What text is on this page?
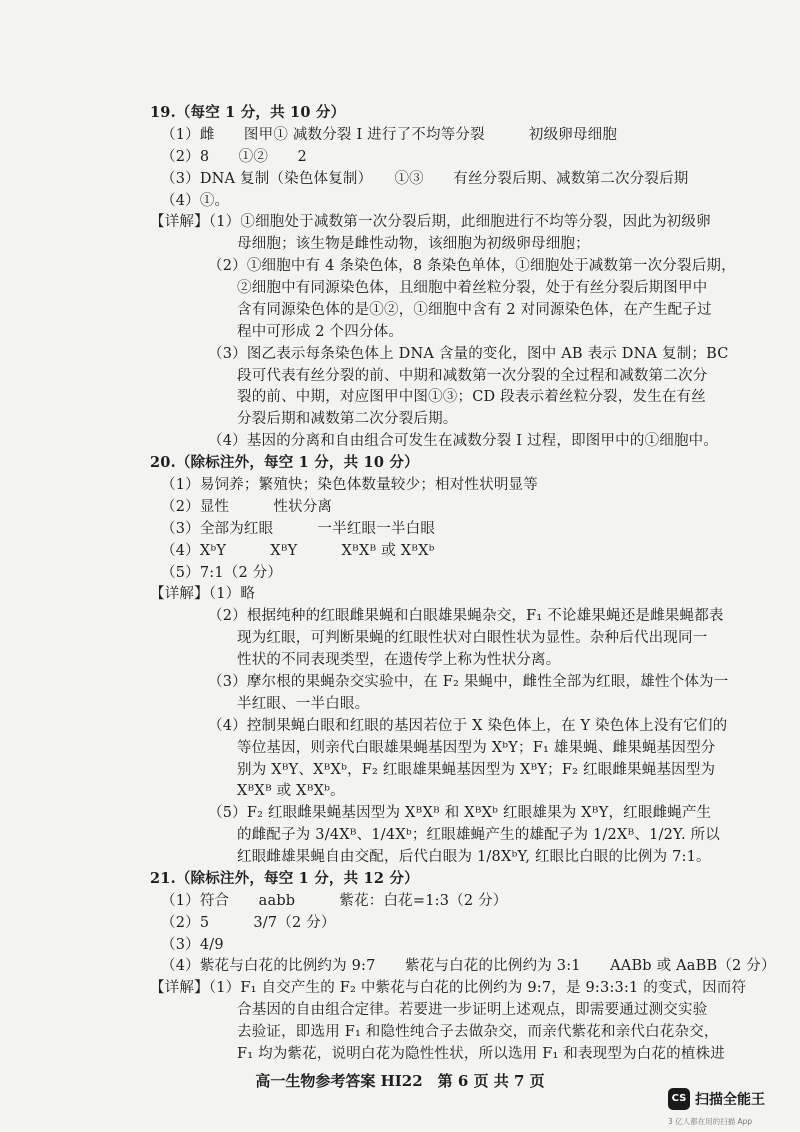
19.（每空 1 分，共 10 分）
（1）雌　　图甲① 减数分裂 I 进行了不均等分裂　　　初级卵母细胞
（2）8　　①②　　2
（3）DNA 复制（染色体复制）　　①③　　有丝分裂后期、减数第二次分裂后期
（4）①。
【详解】（1）①细胞处于减数第一次分裂后期，此细胞进行不均等分裂，因此为初级卵
母细胞；该生物是雌性动物，该细胞为初级卵母细胞；
（2）①细胞中有 4 条染色体，8 条染色单体，①细胞处于减数第一次分裂后期，
②细胞中有同源染色体，且细胞中着丝粒分裂，处于有丝分裂后期图甲中
含有同源染色体的是①②，①细胞中含有 2 对同源染色体，在产生配子过
程中可形成 2 个四分体。
（3）图乙表示每条染色体上 DNA 含量的变化，图中 AB 表示 DNA 复制；BC
段可代表有丝分裂的前、中期和减数第一次分裂的全过程和减数第二次分
裂的前、中期，对应图甲中图①③；CD 段表示着丝粒分裂，发生在有丝
分裂后期和减数第二次分裂后期。
（4）基因的分离和自由组合可发生在减数分裂 I 过程，即图甲中的①细胞中。
20.（除标注外，每空 1 分，共 10 分）
（1）易饲养；繁殖快；染色体数量较少；相对性状明显等
（2）显性　　　性状分离
（3）全部为红眼　　　一半红眼一半白眼
（4）XᵇY　　　XᴮY　　　XᴮXᴮ 或 XᴮXᵇ
（5）7:1（2 分）
【详解】（1）略
（2）根据纯种的红眼雌果蝇和白眼雄果蝇杂交，F₁ 不论雄果蝇还是雌果蝇都表
现为红眼，可判断果蝇的红眼性状对白眼性状为显性。杂种后代出现同一
性状的不同表现类型，在遗传学上称为性状分离。
（3）摩尔根的果蝇杂交实验中，在 F₂ 果蝇中，雌性全部为红眼，雄性个体为一
半红眼、一半白眼。
（4）控制果蝇白眼和红眼的基因若位于 X 染色体上，在 Y 染色体上没有它们的
等位基因，则亲代白眼雄果蝇基因型为 XᵇY；F₁ 雄果蝇、雌果蝇基因型分
别为 XᴮY、XᴮXᵇ，F₂ 红眼雄果蝇基因型为 XᴮY；F₂ 红眼雌果蝇基因型为
XᴮXᴮ 或 XᴮXᵇ。
（5）F₂ 红眼雌果蝇基因型为 XᴮXᴮ 和 XᴮXᵇ 红眼雄果为 XᴮY，红眼雌蝇产生
的雌配子为 3/4Xᴮ、1/4Xᵇ；红眼雄蝇产生的雄配子为 1/2Xᴮ、1/2Y. 所以
红眼雌雄果蝇自由交配，后代白眼为 1/8XᵇY, 红眼比白眼的比例为 7:1。
21.（除标注外，每空 1 分，共 12 分）
（1）符合　　aabb　　　紫花：白花=1:3（2 分）
（2）5　　　3/7（2 分）
（3）4/9
（4）紫花与白花的比例约为 9:7　　紫花与白花的比例约为 3:1　　AABb 或 AaBB（2 分）
【详解】（1）F₁ 自交产生的 F₂ 中紫花与白花的比例约为 9:7，是 9:3:3:1 的变式，因而符
合基因的自由组合定律。若要进一步证明上述观点，即需要通过测交实验
去验证，即选用 F₁ 和隐性纯合子去做杂交，而亲代紫花和亲代白花杂交，
F₁ 均为紫花，说明白花为隐性性状，所以选用 F₁ 和表现型为白花的植株进
高一生物参考答案 HI22　第 6 页 共 7 页
CS 扫描全能王
3 亿人都在用的扫描 App
